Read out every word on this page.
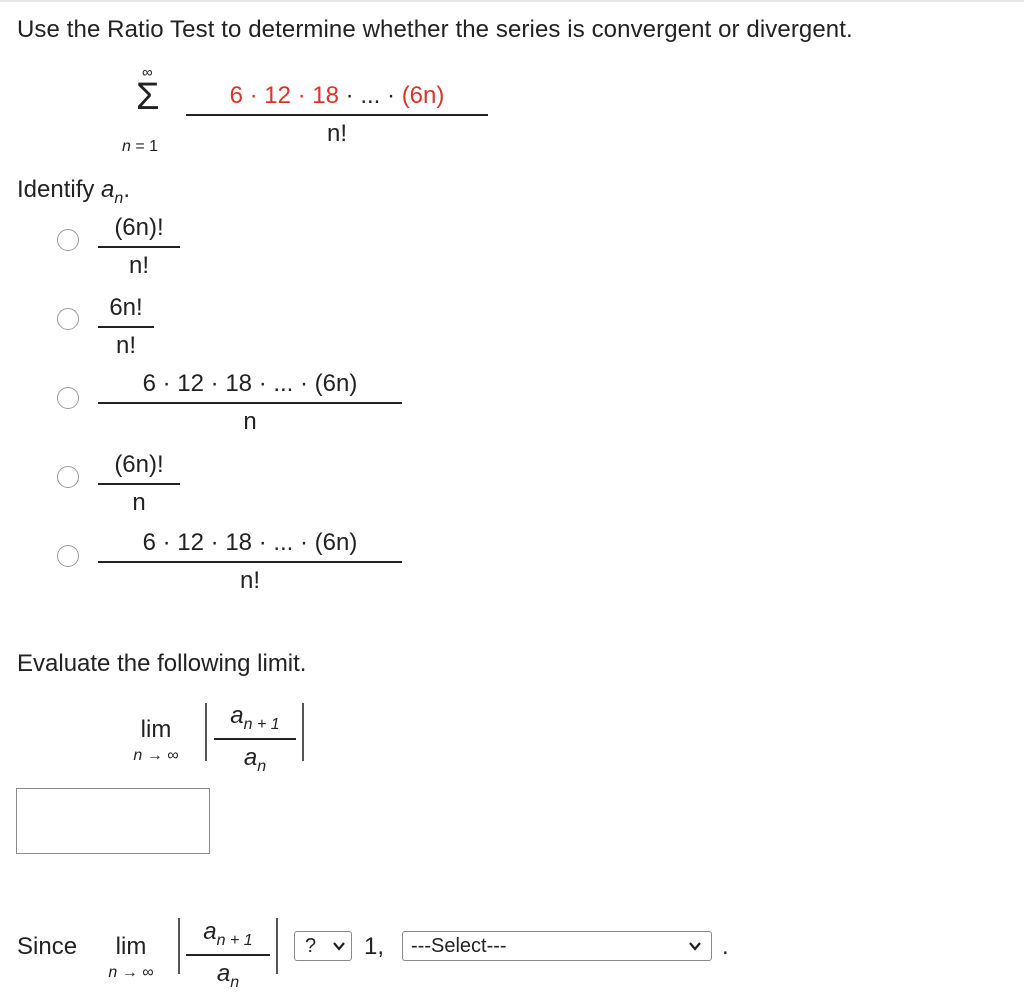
Use the Ratio Test to determine whether the series is convergent or divergent.
∞
Σ
$n = 1 \frac{6 \cdot 12 \cdot 18 \cdot ... \cdot (6n)}{n!}$
Identify $a_n$.
$\frac{(6n)!}{n!}$
$\frac{6n!}{n!}$
$\frac{6 \cdot 12 \cdot 18 \cdot ... \cdot (6n)}{n}$
$\frac{(6n)!}{n}$
$\frac{6 \cdot 12 \cdot 18 \cdot ... \cdot (6n)}{n!}$
Evaluate the following limit.
lim
n → ∞	$\frac{a_{n + 1}}{a_n}$
Since	lim
n → ∞	$\frac{a_{n + 1}}{a_n}$ ? 1, ---Select---	.
